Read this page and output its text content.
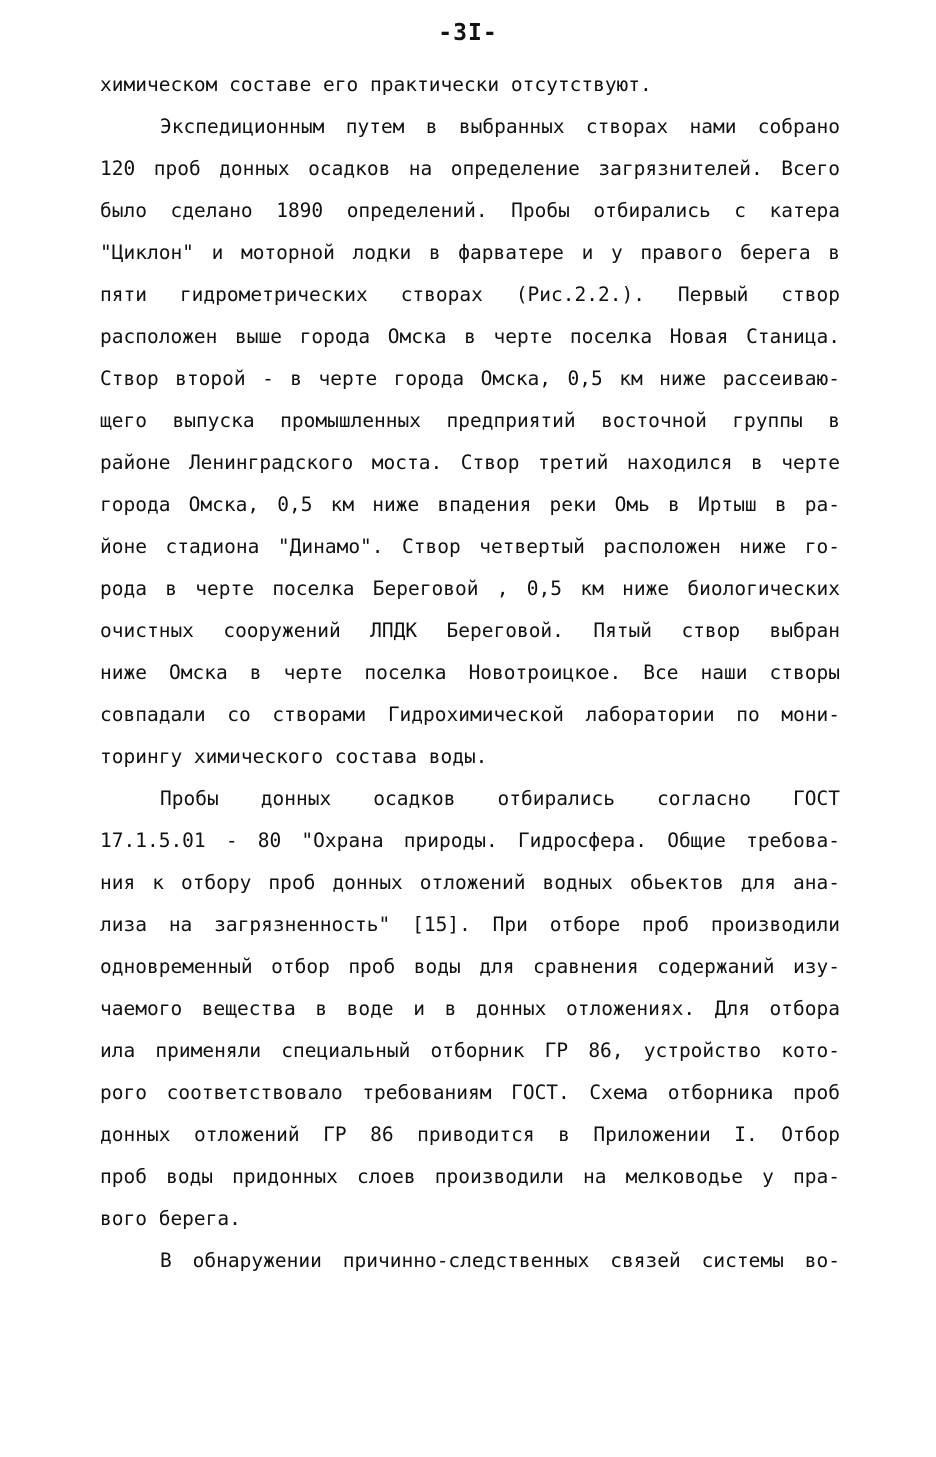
-3I-
химическом составе его практически отсутствуют.
Экспедиционным путем в выбранных створах нами собрано
120 проб донных осадков на определение загрязнителей. Всего
было сделано 1890 определений. Пробы отбирались с катера
"Циклон" и моторной лодки в фарватере и у правого берега в
пяти гидрометрических створах (Рис.2.2.). Первый створ
расположен выше города Омска в черте поселка Новая Станица.
Створ второй - в черте города Омска, 0,5 км ниже рассеиваю-
щего выпуска промышленных предприятий восточной группы в
районе Ленинградского моста. Створ третий находился в черте
города Омска, 0,5 км ниже впадения реки Омь в Иртыш в ра-
йоне стадиона "Динамо". Створ четвертый расположен ниже го-
рода в черте поселка Береговой , 0,5 км ниже биологических
очистных сооружений ЛПДК Береговой. Пятый створ выбран
ниже Омска в черте поселка Новотроицкое. Все наши створы
совпадали со створами Гидрохимической лаборатории по мони-
торингу химического состава воды.
Пробы донных осадков отбирались согласно ГОСТ
17.1.5.01 - 80 "Охрана природы. Гидросфера. Общие требова-
ния к отбору проб донных отложений водных обьектов для ана-
лиза на загрязненность" [15]. При отборе проб производили
одновременный отбор проб воды для сравнения содержаний изу-
чаемого вещества в воде и в донных отложениях. Для отбора
ила применяли специальный отборник ГР 86, устройство кото-
рого соответствовало требованиям ГОСТ. Схема отборника проб
донных отложений ГР 86 приводится в Приложении I. Отбор
проб воды придонных слоев производили на мелководье у пра-
вого берега.
В обнаружении причинно-следственных связей системы во-
